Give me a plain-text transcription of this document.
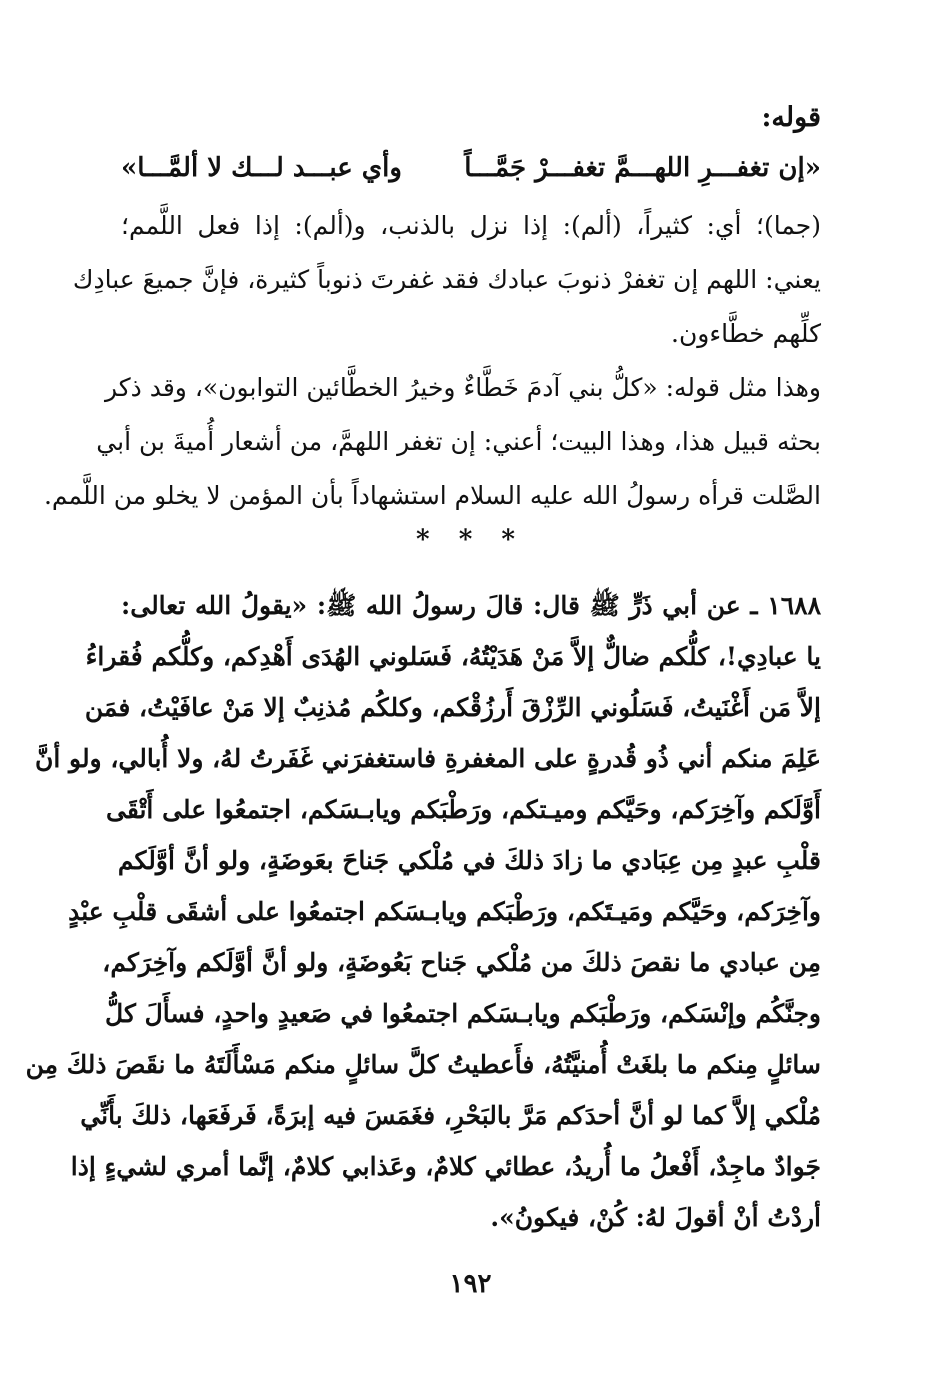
قوله:
«إن تغفـــرِ اللهـــمَّ تغفـــرْ جَمَّـــاً
وأي عبـــد لـــك لا ألمَّـــا»
(جما)؛ أي: كثيراً، (ألم): إذا نزل بالذنب، و(ألم): إذا فعل اللَّمم؛
يعني: اللهم إن تغفرْ ذنوبَ عبادك فقد غفرتَ ذنوباً كثيرة، فإنَّ جميعَ عبادِك
كلِّهم خطَّاءون.
وهذا مثل قوله: «كلُّ بني آدمَ خَطَّاءٌ وخيرُ الخطَّائين التوابون»، وقد ذكر
بحثه قبيل هذا، وهذا البيت؛ أعني: إن تغفر اللهمَّ، من أشعار أُميةَ بن أبي
الصَّلت قرأه رسولُ الله عليه السلام استشهاداً بأن المؤمن لا يخلو من اللَّمم.
* * *
١٦٨٨ ـ عن أبي ذَرٍّ ﷺ قال: قالَ رسولُ الله ﷺ: «يقولُ الله تعالى:
يا عبادِي!، كلُّكم ضالٌّ إلاَّ مَنْ هَدَيْتُهُ، فَسَلوني الهُدَى أَهْدِكم، وكلُّكم فُقراءُ
إلاَّ مَن أَغْنَيتُ، فَسَلُوني الرِّزْقَ أَرزُقْكم، وكلكُم مُذنِبٌ إلا مَنْ عافَيْتُ، فمَن
عَلِمَ منكم أني ذُو قُدرةٍ على المغفرةِ فاستغفرَني غَفَرتُ لهُ، ولا أُبالي، ولو أنَّ
أَوَّلَكم وآخِرَكم، وحَيَّكم وميـتكم، ورَطْبَكم ويابـسَكم، اجتمعُوا على أَتْقَى
قلْبِ عبدٍ مِن عِبَادي ما زادَ ذلكَ في مُلْكي جَناحَ بعَوضَةٍ، ولو أنَّ أوَّلَكم
وآخِرَكم، وحَيَّكم ومَيـتَكم، ورَطْبَكم ويابـسَكم اجتمعُوا على أشقَى قلْبِ عبْدٍ
مِن عبادي ما نقصَ ذلكَ من مُلْكي جَناح بَعُوضَةٍ، ولو أنَّ أوَّلَكم وآخِرَكم،
وجنَّكُم وإنْسَكم، ورَطْبَكم ويابـسَكم اجتمعُوا في صَعيدٍ واحدٍ، فسأَلَ كلُّ
سائلٍ مِنكم ما بلغَتْ أُمنيَّتُهُ، فأَعطيتُ كلَّ سائلٍ منكم مَسْأَلَتَهُ ما نقَصَ ذلكَ مِن
مُلْكي إلاَّ كما لو أنَّ أحدَكم مَرَّ بالبَحْرِ، فغَمَسَ فيه إبرَةً، فَرفَعَها، ذلكَ بأَنِّي
جَوادٌ ماجِدٌ، أَفْعلُ ما أُريدُ، عطائي كلامٌ، وعَذابي كلامٌ، إنَّما أمري لشيءٍ إذا
أردْتُ أنْ أقولَ لهُ: كُنْ، فيكونُ».
١٩٢
